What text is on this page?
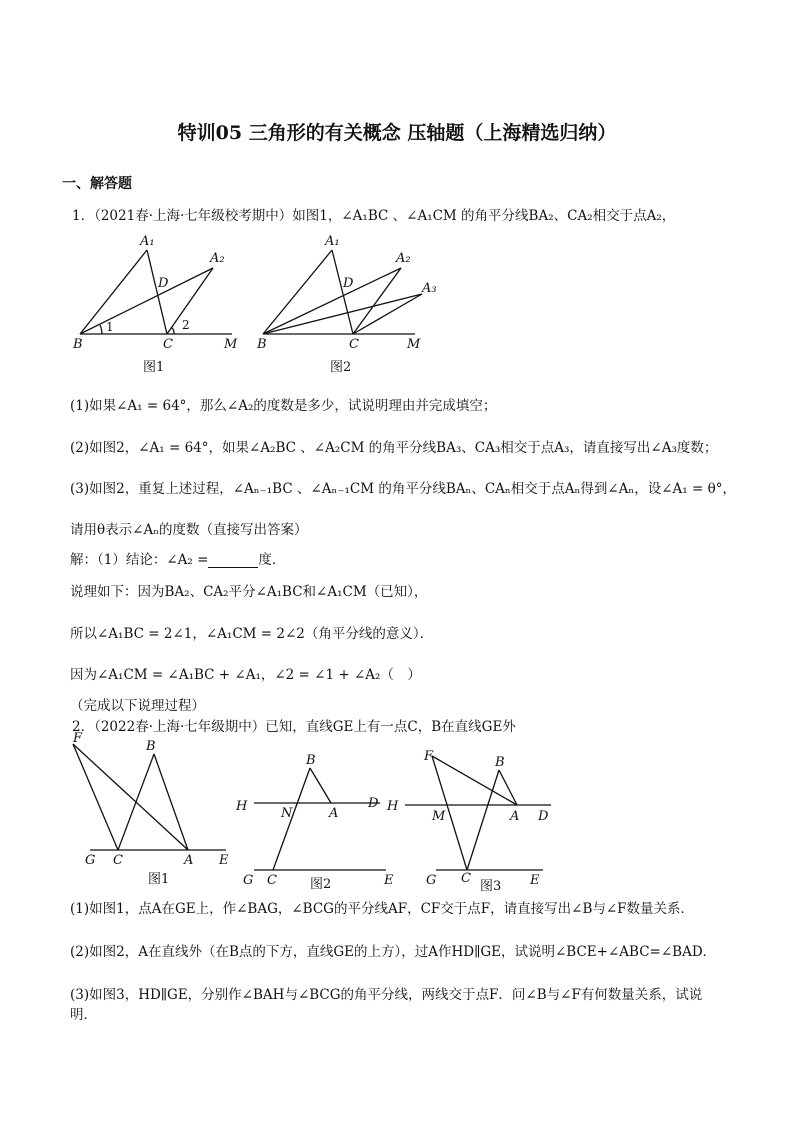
特训05 三角形的有关概念 压轴题（上海精选归纳）
一、解答题
1．（2021春·上海·七年级校考期中）如图1，∠A₁BC 、∠A₁CM 的角平分线BA₂、CA₂相交于点A₂，
A₁
A₂
D
B	C	M
A₁
A₂
A₃
D
B	C	M
1	2
图1	图2
(1)如果∠A₁ = 64°，那么∠A₂的度数是多少，试说明理由并完成填空；
(2)如图2，∠A₁ = 64°，如果∠A₂BC 、∠A₂CM 的角平分线BA₃、CA₃相交于点A₃，请直接写出∠A₃度数；
(3)如图2，重复上述过程，∠Aₙ₋₁BC 、∠Aₙ₋₁CM 的角平分线BAₙ、CAₙ相交于点Aₙ得到∠Aₙ，设∠A₁ = θ°，
请用θ表示∠Aₙ的度数（直接写出答案）
解：（1）结论：∠A₂ =	度．
说理如下：因为BA₂、CA₂平分∠A₁BC和∠A₁CM（已知），
所以∠A₁BC = 2∠1，∠A₁CM = 2∠2（角平分线的意义）．
因为∠A₁CM = ∠A₁BC + ∠A₁，∠2 = ∠1 + ∠A₂（　）
（完成以下说理过程）
2．（2022春·上海·七年级期中）已知，直线GE上有一点C，B在直线GE外
F
B
G C	A E
B
H	N	A
D
G C	E
F	B
H
M	A D
G C	E
图1	图2	图3
(1)如图1，点A在GE上，作∠BAG，∠BCG的平分线AF，CF交于点F，请直接写出∠B与∠F数量关系．
(2)如图2，A在直线外（在B点的下方，直线GE的上方），过A作HD∥GE，试说明∠BCE+∠ABC=∠BAD．
(3)如图3，HD∥GE，分别作∠BAH与∠BCG的角平分线，两线交于点F．问∠B与∠F有何数量关系，试说明．
